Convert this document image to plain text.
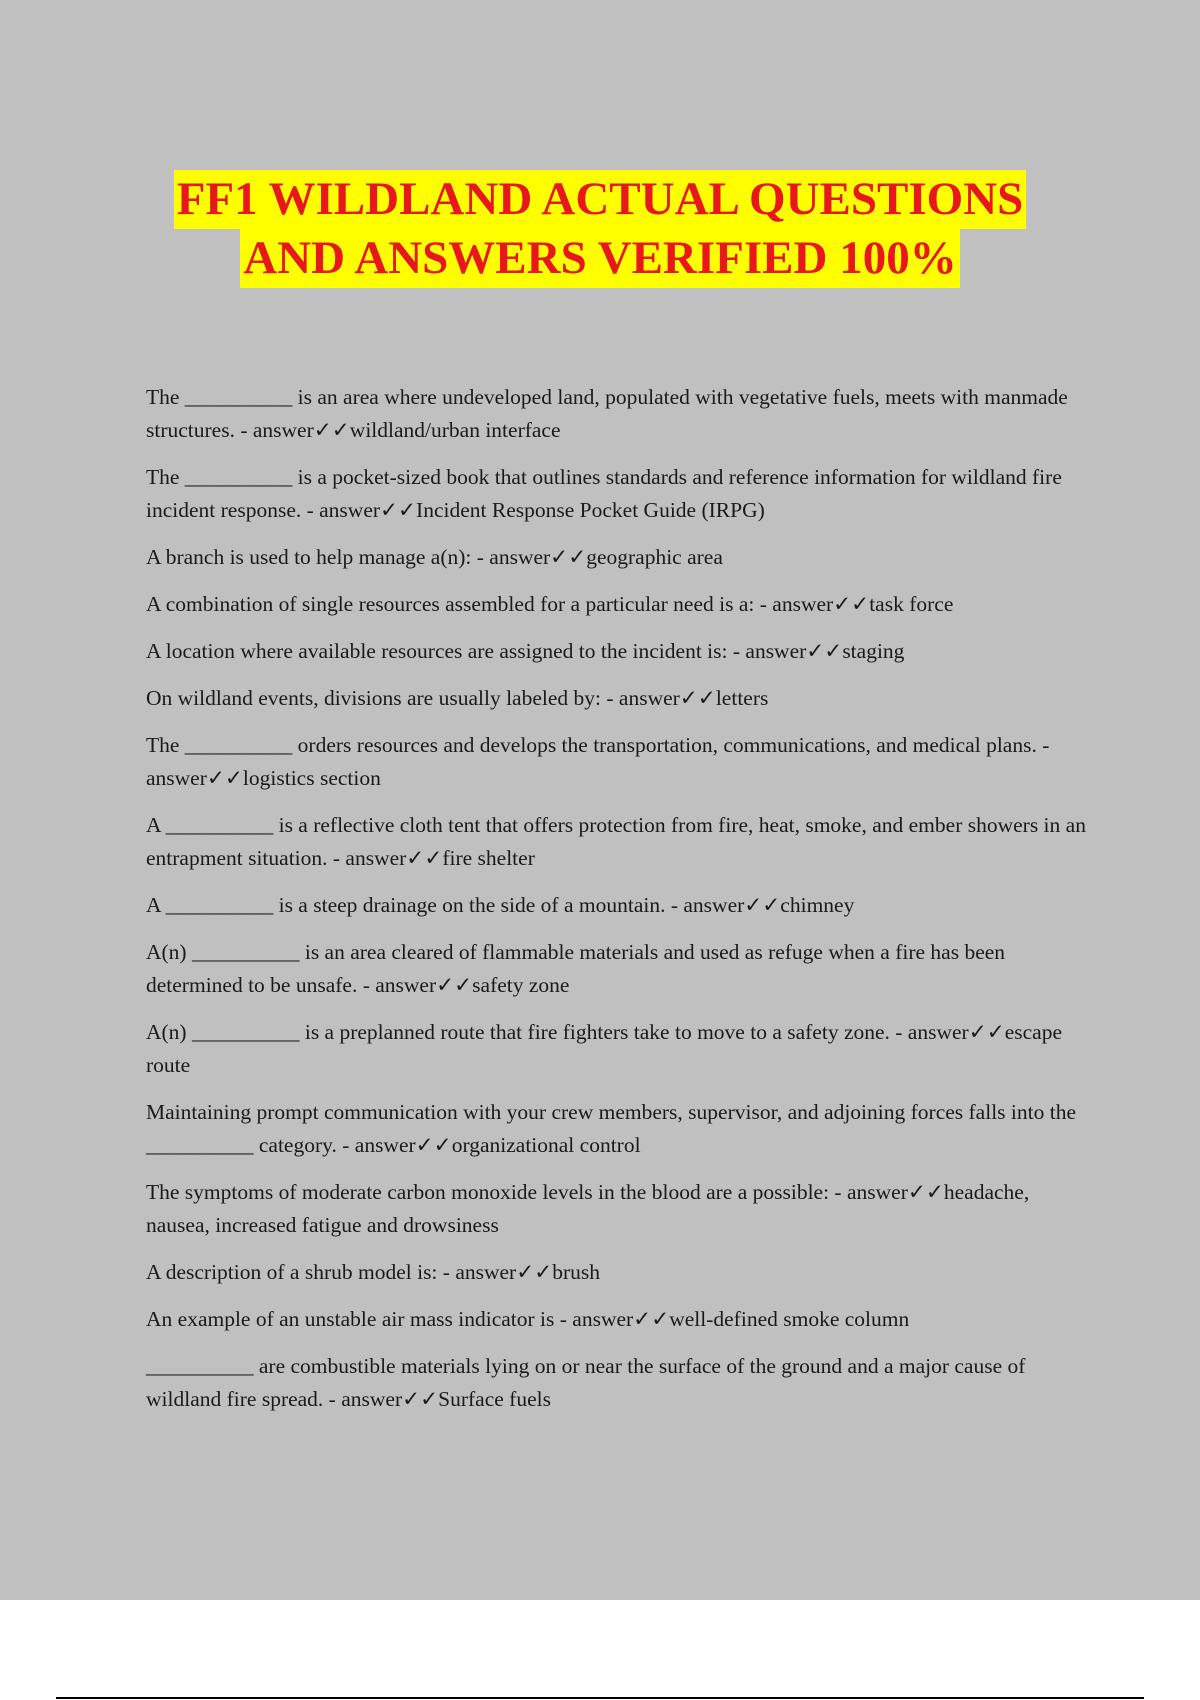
FF1 WILDLAND ACTUAL QUESTIONS
AND ANSWERS VERIFIED 100%

The __________ is an area where undeveloped land, populated with vegetative fuels, meets with manmade structures. - answer✓✓wildland/urban interface

The __________ is a pocket-sized book that outlines standards and reference information for wildland fire incident response. - answer✓✓Incident Response Pocket Guide (IRPG)

A branch is used to help manage a(n): - answer✓✓geographic area

A combination of single resources assembled for a particular need is a: - answer✓✓task force

A location where available resources are assigned to the incident is: - answer✓✓staging

On wildland events, divisions are usually labeled by: - answer✓✓letters

The __________ orders resources and develops the transportation, communications, and medical plans. - answer✓✓logistics section

A __________ is a reflective cloth tent that offers protection from fire, heat, smoke, and ember showers in an entrapment situation. - answer✓✓fire shelter

A __________ is a steep drainage on the side of a mountain. - answer✓✓chimney

A(n) __________ is an area cleared of flammable materials and used as refuge when a fire has been determined to be unsafe. - answer✓✓safety zone

A(n) __________ is a preplanned route that fire fighters take to move to a safety zone. - answer✓✓escape route

Maintaining prompt communication with your crew members, supervisor, and adjoining forces falls into the __________ category. - answer✓✓organizational control

The symptoms of moderate carbon monoxide levels in the blood are a possible: - answer✓✓headache, nausea, increased fatigue and drowsiness

A description of a shrub model is: - answer✓✓brush

An example of an unstable air mass indicator is - answer✓✓well-defined smoke column

__________ are combustible materials lying on or near the surface of the ground and a major cause of wildland fire spread. - answer✓✓Surface fuels
